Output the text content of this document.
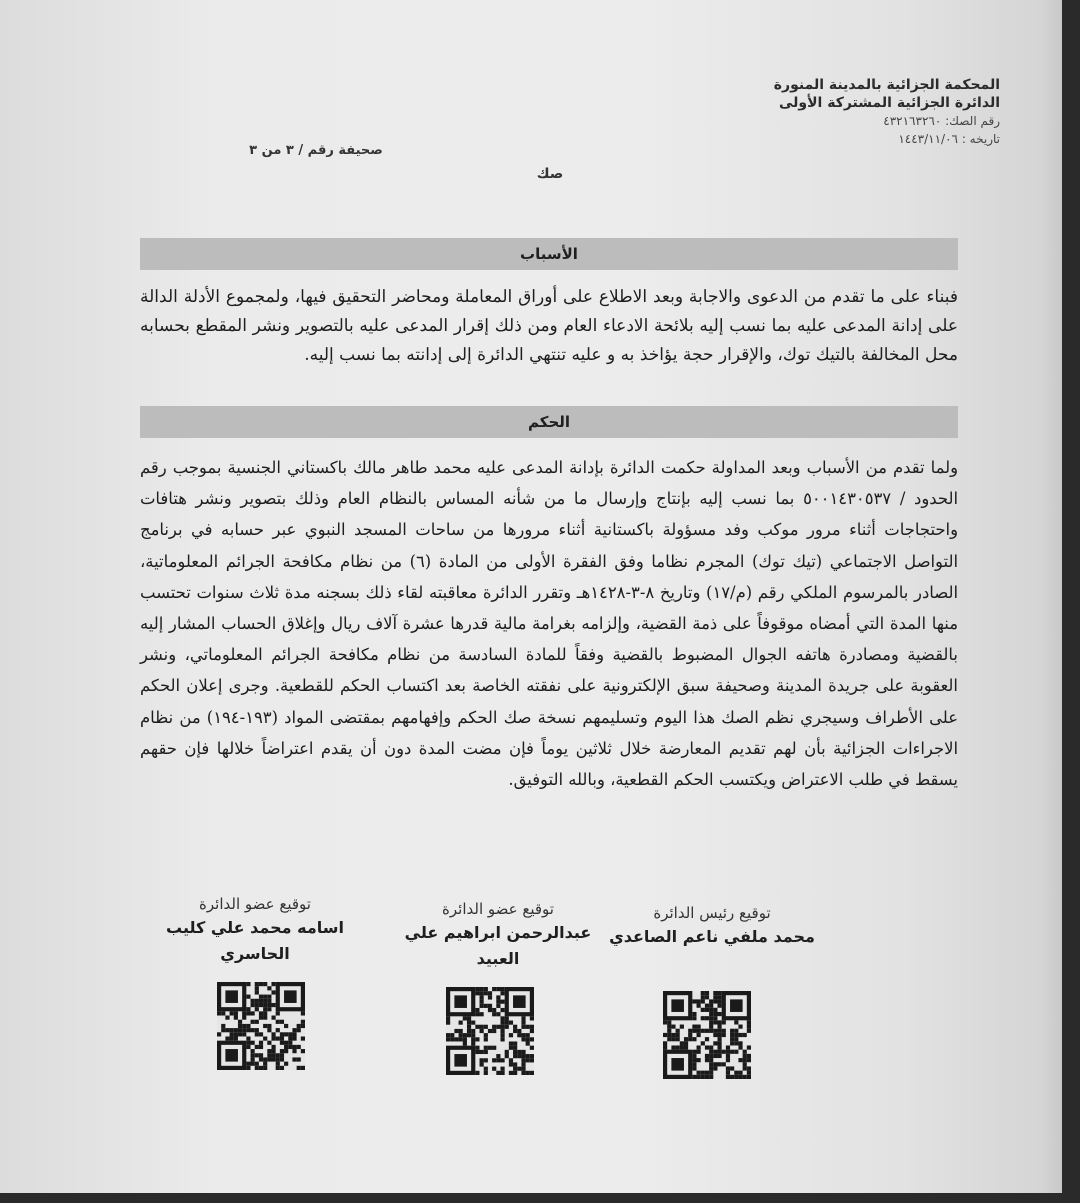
المحكمة الجزائية بالمدينة المنورة
الدائرة الجزائية المشتركة الأولى
رقم الصك: ٤٣٢١٦٣٢٦٠
تاريخه : ١٤٤٣/١١/٠٦
صحيفة رقم / ٣ من ٣
صك
الأسباب
فبناء على ما تقدم من الدعوى والاجابة وبعد الاطلاع على أوراق المعاملة ومحاضر التحقيق فيها، ولمجموع الأدلة الدالة على إدانة المدعى عليه بما نسب إليه بلائحة الادعاء العام ومن ذلك إقرار المدعى عليه بالتصوير ونشر المقطع بحسابه محل المخالفة بالتيك توك، والإقرار حجة يؤاخذ به و عليه تنتهي الدائرة إلى إدانته بما نسب إليه.
الحكم
ولما تقدم من الأسباب وبعد المداولة حكمت الدائرة بإدانة المدعى عليه محمد طاهر مالك باكستاني الجنسية بموجب رقم الحدود / ٥٠٠١٤٣٠٥٣٧ بما نسب إليه بإنتاج وإرسال ما من شأنه المساس بالنظام العام وذلك بتصوير ونشر هتافات واحتجاجات أثناء مرور موكب وفد مسؤولة باكستانية أثناء مرورها من ساحات المسجد النبوي عبر حسابه في برنامج التواصل الاجتماعي (تيك توك) المجرم نظاما وفق الفقرة الأولى من المادة (٦) من نظام مكافحة الجرائم المعلوماتية، الصادر بالمرسوم الملكي رقم (م/١٧) وتاريخ ٨-٣-١٤٢٨هـ وتقرر الدائرة معاقبته لقاء ذلك بسجنه مدة ثلاث سنوات تحتسب منها المدة التي أمضاه موقوفاً على ذمة القضية، وإلزامه بغرامة مالية قدرها عشرة آلاف ريال وإغلاق الحساب المشار إليه بالقضية ومصادرة هاتفه الجوال المضبوط بالقضية وفقاً للمادة السادسة من نظام مكافحة الجرائم المعلوماتي، ونشر العقوبة على جريدة المدينة وصحيفة سبق الإلكترونية على نفقته الخاصة بعد اكتساب الحكم للقطعية. وجرى إعلان الحكم على الأطراف وسيجري نظم الصك هذا اليوم وتسليمهم نسخة صك الحكم وإفهامهم بمقتضى المواد (١٩٣-١٩٤) من نظام الاجراءات الجزائية بأن لهم تقديم المعارضة خلال ثلاثين يوماً فإن مضت المدة دون أن يقدم اعتراضاً خلالها فإن حقهم يسقط في طلب الاعتراض ويكتسب الحكم القطعية، وبالله التوفيق.
توقيع رئيس الدائرة
محمد ملفي ناعم الصاعدي
توقيع عضو الدائرة
عبدالرحمن ابراهيم علي العبيد
توقيع عضو الدائرة
اسامه محمد علي كليب الحاسري
